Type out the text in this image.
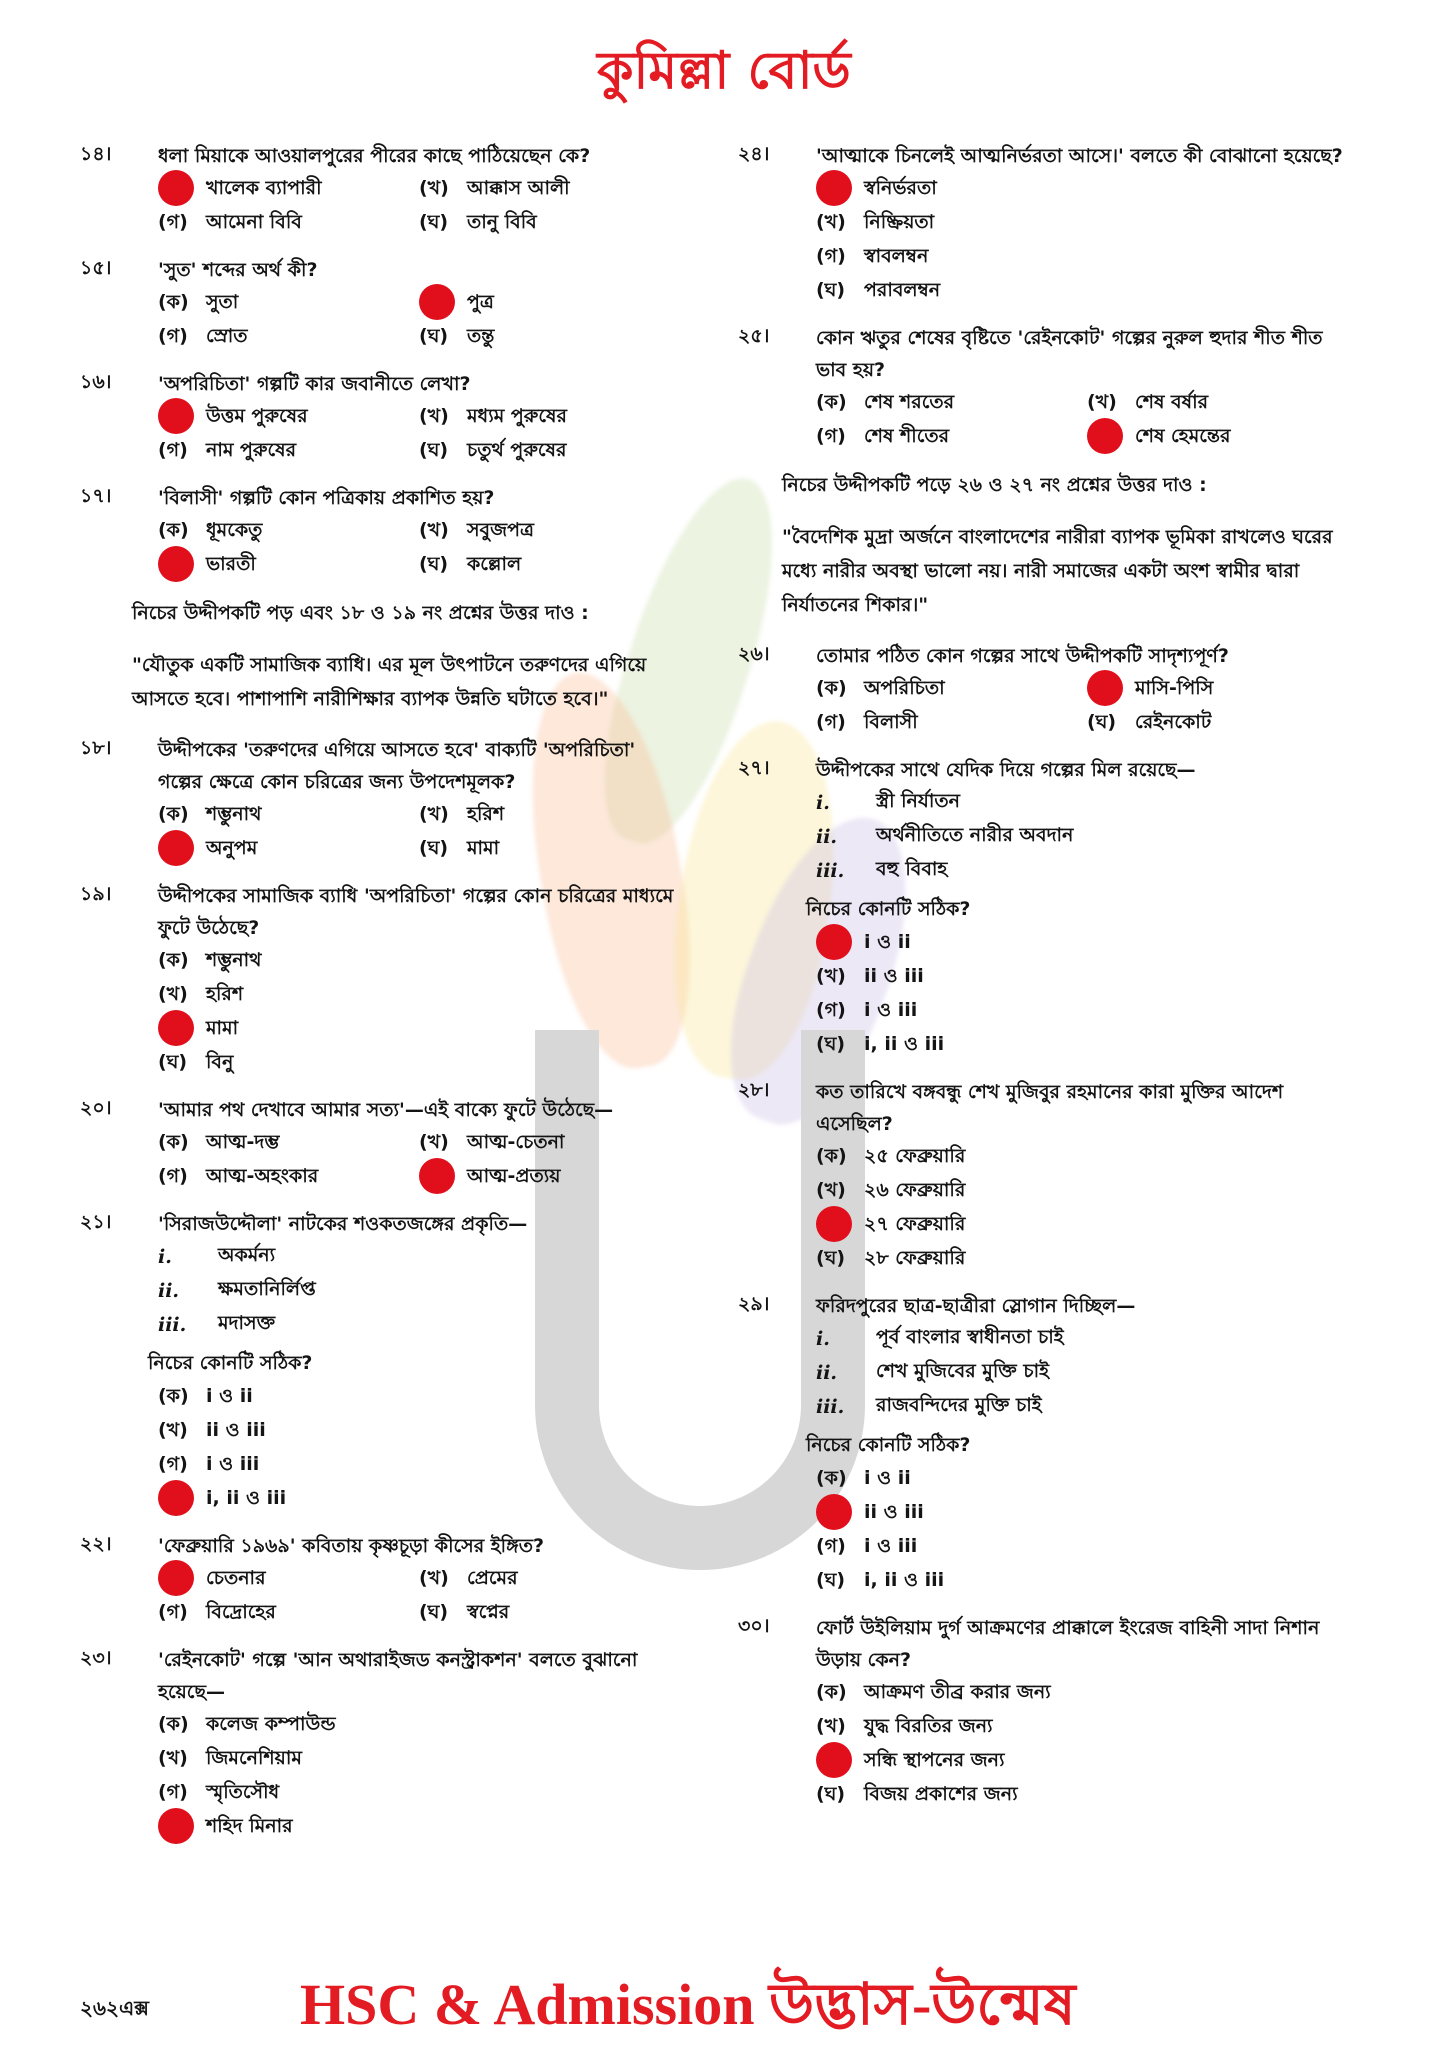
কুমিল্লা বোর্ড
১৪।	ধলা মিয়াকে আওয়ালপুরের পীরের কাছে পাঠিয়েছেন কে?
খালেক ব্যাপারী	(খ) আক্কাস আলী
(গ) আমেনা বিবি	(ঘ) তানু বিবি
১৫।	'সুত' শব্দের অর্থ কী?
(ক) সুতা	পুত্র
(গ) স্রোত	(ঘ) তন্তু
১৬।	'অপরিচিতা' গল্পটি কার জবানীতে লেখা?
উত্তম পুরুষের	(খ) মধ্যম পুরুষের
(গ) নাম পুরুষের	(ঘ) চতুর্থ পুরুষের
১৭।	'বিলাসী' গল্পটি কোন পত্রিকায় প্রকাশিত হয়?
(ক) ধূমকেতু	(খ) সবুজপত্র
ভারতী	(ঘ) কল্লোল
নিচের উদ্দীপকটি পড় এবং ১৮ ও ১৯ নং প্রশ্নের উত্তর দাও :
"যৌতুক একটি সামাজিক ব্যাধি। এর মূল উৎপাটনে তরুণদের এগিয়ে আসতে হবে। পাশাপাশি নারীশিক্ষার ব্যাপক উন্নতি ঘটাতে হবে।"
১৮।	উদ্দীপকের 'তরুণদের এগিয়ে আসতে হবে' বাক্যটি 'অপরিচিতা' গল্পের ক্ষেত্রে কোন চরিত্রের জন্য উপদেশমূলক?
(ক) শম্ভুনাথ	(খ) হরিশ
অনুপম	(ঘ) মামা
১৯।	উদ্দীপকের সামাজিক ব্যাধি 'অপরিচিতা' গল্পের কোন চরিত্রের মাধ্যমে ফুটে উঠেছে?
(ক) শম্ভুনাথ
(খ) হরিশ
মামা
(ঘ) বিনু
২০।	'আমার পথ দেখাবে আমার সত্য'—এই বাক্যে ফুটে উঠেছে—
(ক) আত্ম-দম্ভ	(খ) আত্ম-চেতনা
(গ) আত্ম-অহংকার	আত্ম-প্রত্যয়
২১।	'সিরাজউদ্দৌলা' নাটকের শওকতজঙ্গের প্রকৃতি—
i.	অকর্মন্য
ii.	ক্ষমতানির্লিপ্ত
iii.	মদাসক্ত
নিচের কোনটি সঠিক?
(ক) i ও ii
(খ) ii ও iii
(গ) i ও iii
i, ii ও iii
২২।	'ফেব্রুয়ারি ১৯৬৯' কবিতায় কৃষ্ণচূড়া কীসের ইঙ্গিত?
চেতনার	(খ) প্রেমের
(গ) বিদ্রোহের	(ঘ) স্বপ্নের
২৩।	'রেইনকোট' গল্পে 'আন অথারাইজড কনস্ট্রাকশন' বলতে বুঝানো হয়েছে—
(ক) কলেজ কম্পাউন্ড
(খ) জিমনেশিয়াম
(গ) স্মৃতিসৌধ
শহিদ মিনার
২৪।	'আত্মাকে চিনলেই আত্মনির্ভরতা আসে।' বলতে কী বোঝানো হয়েছে?
স্বনির্ভরতা
(খ) নিষ্ক্রিয়তা
(গ) স্বাবলম্বন
(ঘ) পরাবলম্বন
২৫।	কোন ঋতুর শেষের বৃষ্টিতে 'রেইনকোট' গল্পের নুরুল হুদার শীত শীত ভাব হয়?
(ক) শেষ শরতের	(খ) শেষ বর্ষার
(গ) শেষ শীতের	শেষ হেমন্তের
নিচের উদ্দীপকটি পড়ে ২৬ ও ২৭ নং প্রশ্নের উত্তর দাও :
"বৈদেশিক মুদ্রা অর্জনে বাংলাদেশের নারীরা ব্যাপক ভূমিকা রাখলেও ঘরের মধ্যে নারীর অবস্থা ভালো নয়। নারী সমাজের একটা অংশ স্বামীর দ্বারা নির্যাতনের শিকার।"
২৬।	তোমার পঠিত কোন গল্পের সাথে উদ্দীপকটি সাদৃশ্যপূর্ণ?
(ক) অপরিচিতা	মাসি-পিসি
(গ) বিলাসী	(ঘ) রেইনকোট
২৭।	উদ্দীপকের সাথে যেদিক দিয়ে গল্পের মিল রয়েছে—
i.	স্ত্রী নির্যাতন
ii.	অর্থনীতিতে নারীর অবদান
iii.	বহু বিবাহ
নিচের কোনটি সঠিক?
i ও ii
(খ) ii ও iii
(গ) i ও iii
(ঘ) i, ii ও iii
২৮।	কত তারিখে বঙ্গবন্ধু শেখ মুজিবুর রহমানের কারা মুক্তির আদেশ এসেছিল?
(ক) ২৫ ফেব্রুয়ারি
(খ) ২৬ ফেব্রুয়ারি
২৭ ফেব্রুয়ারি
(ঘ) ২৮ ফেব্রুয়ারি
২৯।	ফরিদপুরের ছাত্র-ছাত্রীরা স্লোগান দিচ্ছিল—
i.	পূর্ব বাংলার স্বাধীনতা চাই
ii.	শেখ মুজিবের মুক্তি চাই
iii.	রাজবন্দিদের মুক্তি চাই
নিচের কোনটি সঠিক?
(ক) i ও ii
ii ও iii
(গ) i ও iii
(ঘ) i, ii ও iii
৩০।	ফোর্ট উইলিয়াম দুর্গ আক্রমণের প্রাক্কালে ইংরেজ বাহিনী সাদা নিশান উড়ায় কেন?
(ক) আক্রমণ তীব্র করার জন্য
(খ) যুদ্ধ বিরতির জন্য
সন্ধি স্থাপনের জন্য
(ঘ) বিজয় প্রকাশের জন্য
২৬২এক্স	HSC & Admission উদ্ভাস-উন্মেষ
